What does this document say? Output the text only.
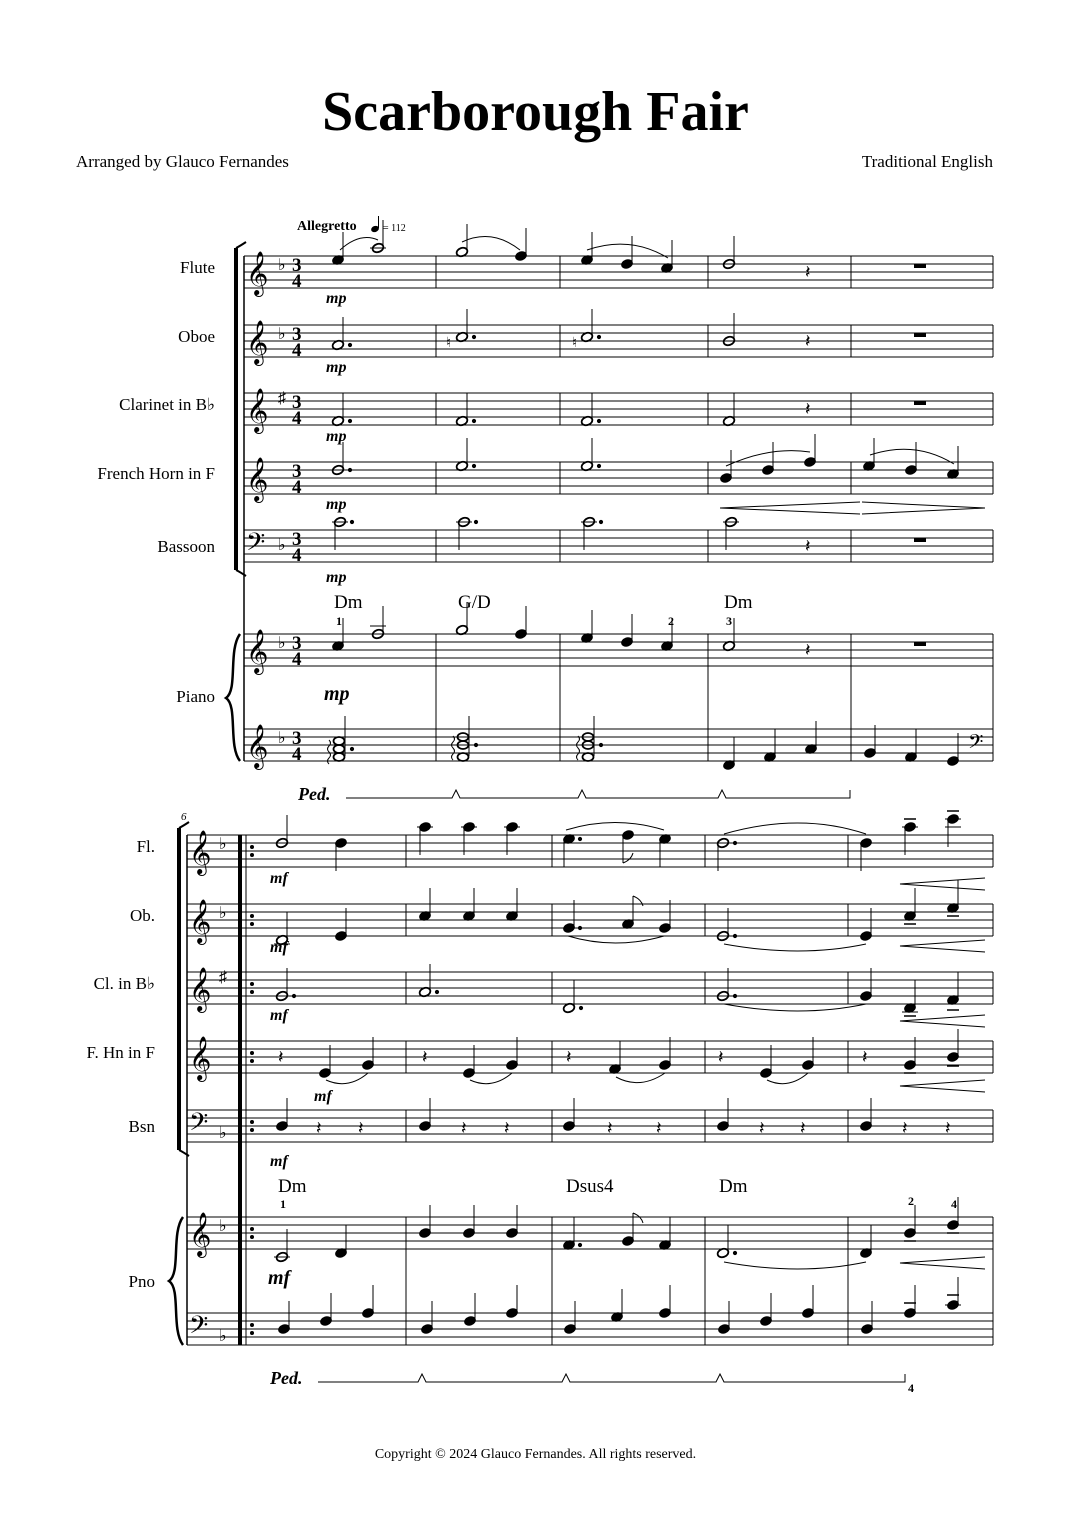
Scarborough Fair
Arranged by Glauco Fernandes	Traditional English
Allegretto	= 112
𝄞
𝄞
𝄞
𝄞
𝄢
𝄞
𝄞
♭
♭
♯
♭
♭
♭
3
4
3
4
3
4
3
4
3
4
3
4
3
4
Flute
Oboe
Clarinet in B♭
French Horn in F
Bassoon
Piano
mp
mp
mp
mp
mp
mp
Dm	G/D	Dm
1	2	3
𝄽
♮	♮	𝄽
𝄽
𝄽
𝄽
𝄢
Ped.
6
𝄞
𝄞
𝄞
𝄞
𝄢
𝄞
𝄢
♭
♭
♯
♭
♭
♭
Fl.
Ob.
Cl. in B♭
F. Hn in F
Bsn
Pno
mf
mf
mf
mf
mf
mf
Dm	Dsus4	Dm
1	2	4
4
𝄽	𝄽	𝄽	𝄽	𝄽
𝄽 𝄽	𝄽 𝄽	𝄽 𝄽	𝄽 𝄽	𝄽 𝄽
Ped.
Copyright © 2024 Glauco Fernandes. All rights reserved.
